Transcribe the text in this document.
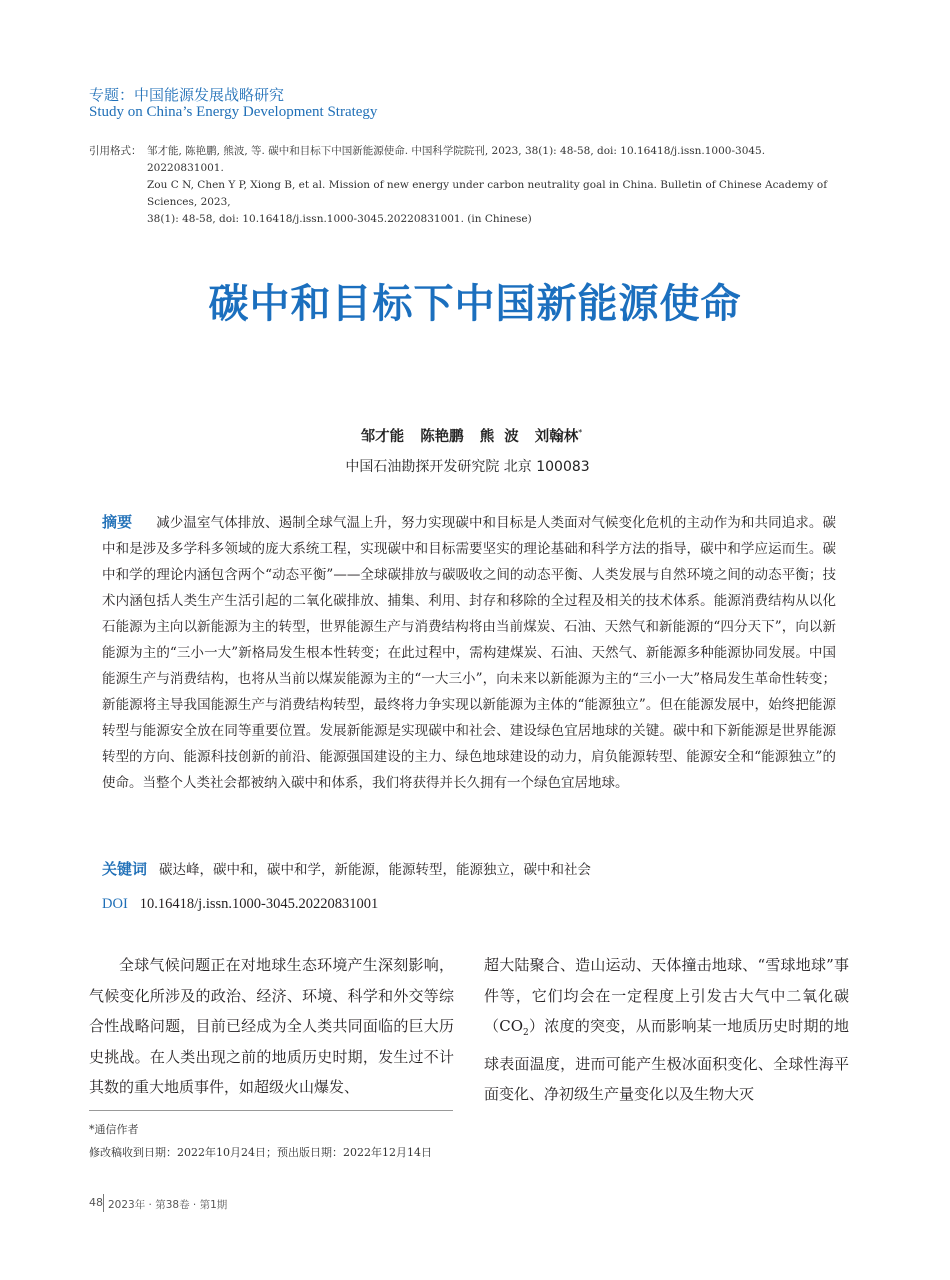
专题：中国能源发展战略研究
Study on China’s Energy Development Strategy
引用格式： 邹才能, 陈艳鹏, 熊波, 等. 碳中和目标下中国新能源使命. 中国科学院院刊, 2023, 38(1): 48-58, doi: 10.16418/j.issn.1000-3045.

20220831001.

Zou C N, Chen Y P, Xiong B, et al. Mission of new energy under carbon neutrality goal in China. Bulletin of Chinese Academy of Sciences, 2023,

38(1): 48-58, doi: 10.16418/j.issn.1000-3045.20220831001. (in Chinese)

碳中和目标下中国新能源使命
邹才能 陈艳鹏 熊  波 刘翰林*
中国石油勘探开发研究院 北京 100083
摘要 减少温室气体排放、遏制全球气温上升，努力实现碳中和目标是人类面对气候变化危机的主动作为和共同追求。碳中和是涉及多学科多领域的庞大系统工程，实现碳中和目标需要坚实的理论基础和科学方法的指导，碳中和学应运而生。碳中和学的理论内涵包含两个“动态平衡”——全球碳排放与碳吸收之间的动态平衡、人类发展与自然环境之间的动态平衡；技术内涵包括人类生产生活引起的二氧化碳排放、捕集、利用、封存和移除的全过程及相关的技术体系。能源消费结构从以化石能源为主向以新能源为主的转型，世界能源生产与消费结构将由当前煤炭、石油、天然气和新能源的“四分天下”，向以新能源为主的“三小一大”新格局发生根本性转变；在此过程中，需构建煤炭、石油、天然气、新能源多种能源协同发展。中国能源生产与消费结构，也将从当前以煤炭能源为主的“一大三小”，向未来以新能源为主的“三小一大”格局发生革命性转变；新能源将主导我国能源生产与消费结构转型，最终将力争实现以新能源为主体的“能源独立”。但在能源发展中，始终把能源转型与能源安全放在同等重要位置。发展新能源是实现碳中和社会、建设绿色宜居地球的关键。碳中和下新能源是世界能源转型的方向、能源科技创新的前沿、能源强国建设的主力、绿色地球建设的动力，肩负能源转型、能源安全和“能源独立”的使命。当整个人类社会都被纳入碳中和体系，我们将获得并长久拥有一个绿色宜居地球。
关键词 碳达峰，碳中和，碳中和学，新能源，能源转型，能源独立，碳中和社会
DOI 10.16418/j.issn.1000-3045.20220831001
全球气候问题正在对地球生态环境产生深刻影响，气候变化所涉及的政治、经济、环境、科学和外交等综合性战略问题，目前已经成为全人类共同面临的巨大历史挑战。在人类出现之前的地质历史时期，发生过不计其数的重大地质事件，如超级火山爆发、
超大陆聚合、造山运动、天体撞击地球、“雪球地球”事件等，它们均会在一定程度上引发古大气中二氧化碳$(CO_2)$浓度的突变，从而影响某一地质历史时期的地球表面温度，进而可能产生极冰面积变化、全球性海平面变化、净初级生产量变化以及生物大灭
*通信作者
修改稿收到日期：2022年10月24日；预出版日期：2022年12月14日
48 2023年 · 第38卷 · 第1期
